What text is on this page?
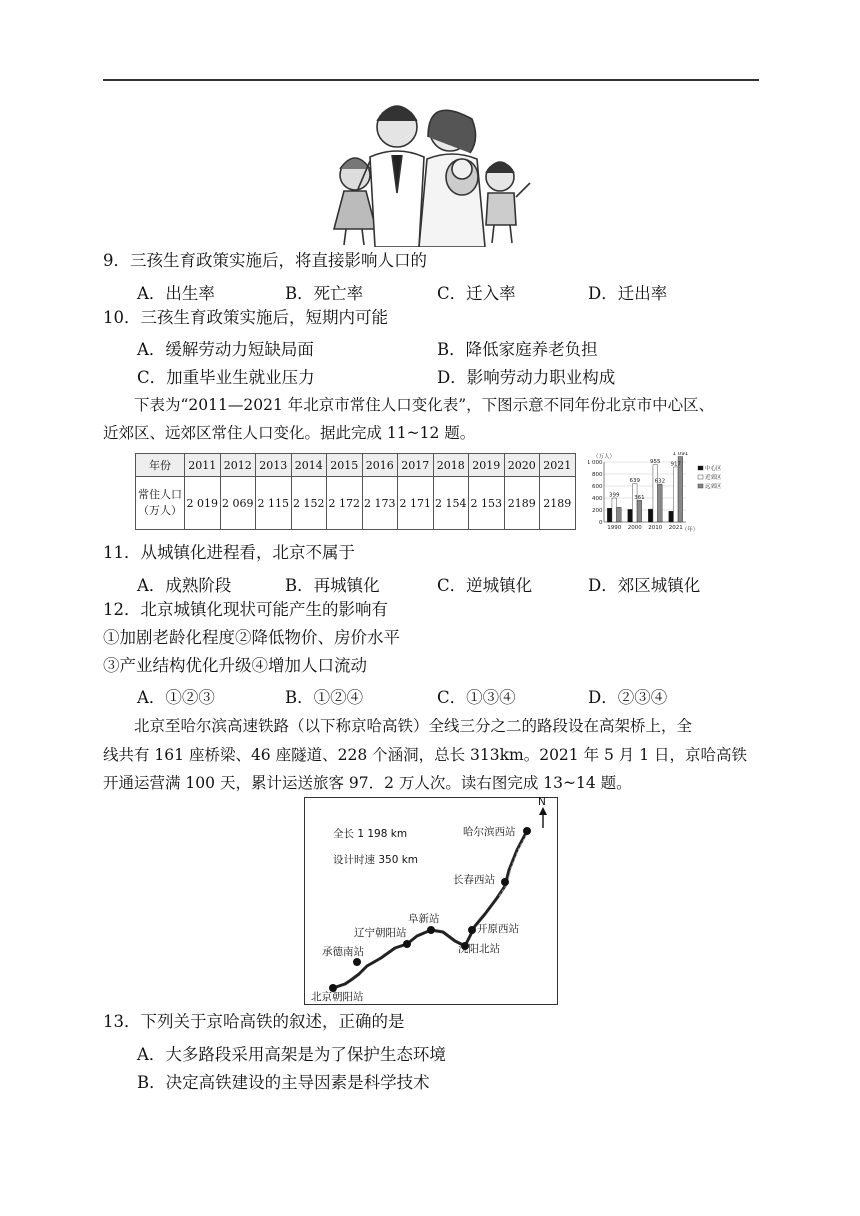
9．三孩生育政策实施后，将直接影响人口的
A．出生率	B．死亡率	C．迁入率	D．迁出率
10．三孩生育政策实施后，短期内可能
A．缓解劳动力短缺局面	B．降低家庭养老负担
C．加重毕业生就业压力	D．影响劳动力职业构成
下表为“2011—2021 年北京市常住人口变化表”，下图示意不同年份北京市中心区、
近郊区、远郊区常住人口变化。据此完成 11~12 题。
年份	2011	2012	2013	2014	2015	2016	2017	2018	2019	2020	2021

常住人口
（万人）	2 019	2 069	2 115	2 152	2 172	2 173	2 171	2 154	2 153	2189	2189
0
200
400
600
800
1 000
（万人）
（年）
1990 2000 2010 2021
399
639
955 917
361
632
1 091
中心区
近郊区
远郊区
11．从城镇化进程看，北京不属于
A．成熟阶段	B．再城镇化	C．逆城镇化	D．郊区城镇化
12．北京城镇化现状可能产生的影响有
①加剧老龄化程度②降低物价、房价水平
③产业结构优化升级④增加人口流动
A．①②③	B．①②④	C．①③④	D．②③④
北京至哈尔滨高速铁路（以下称京哈高铁）全线三分之二的路段设在高架桥上，全
线共有 161 座桥梁、46 座隧道、228 个涵洞，总长 313km。2021 年 5 月 1 日，京哈高铁
开通运营满 100 天，累计运送旅客 97．2 万人次。读右图完成 13~14 题。
N
全长 1 198 km
设计时速 350 km
哈尔滨西站
长春西站
开原西站
沈阳北站
阜新站
辽宁朝阳站
承德南站
北京朝阳站
13．下列关于京哈高铁的叙述，正确的是
A．大多路段采用高架是为了保护生态环境
B．决定高铁建设的主导因素是科学技术
